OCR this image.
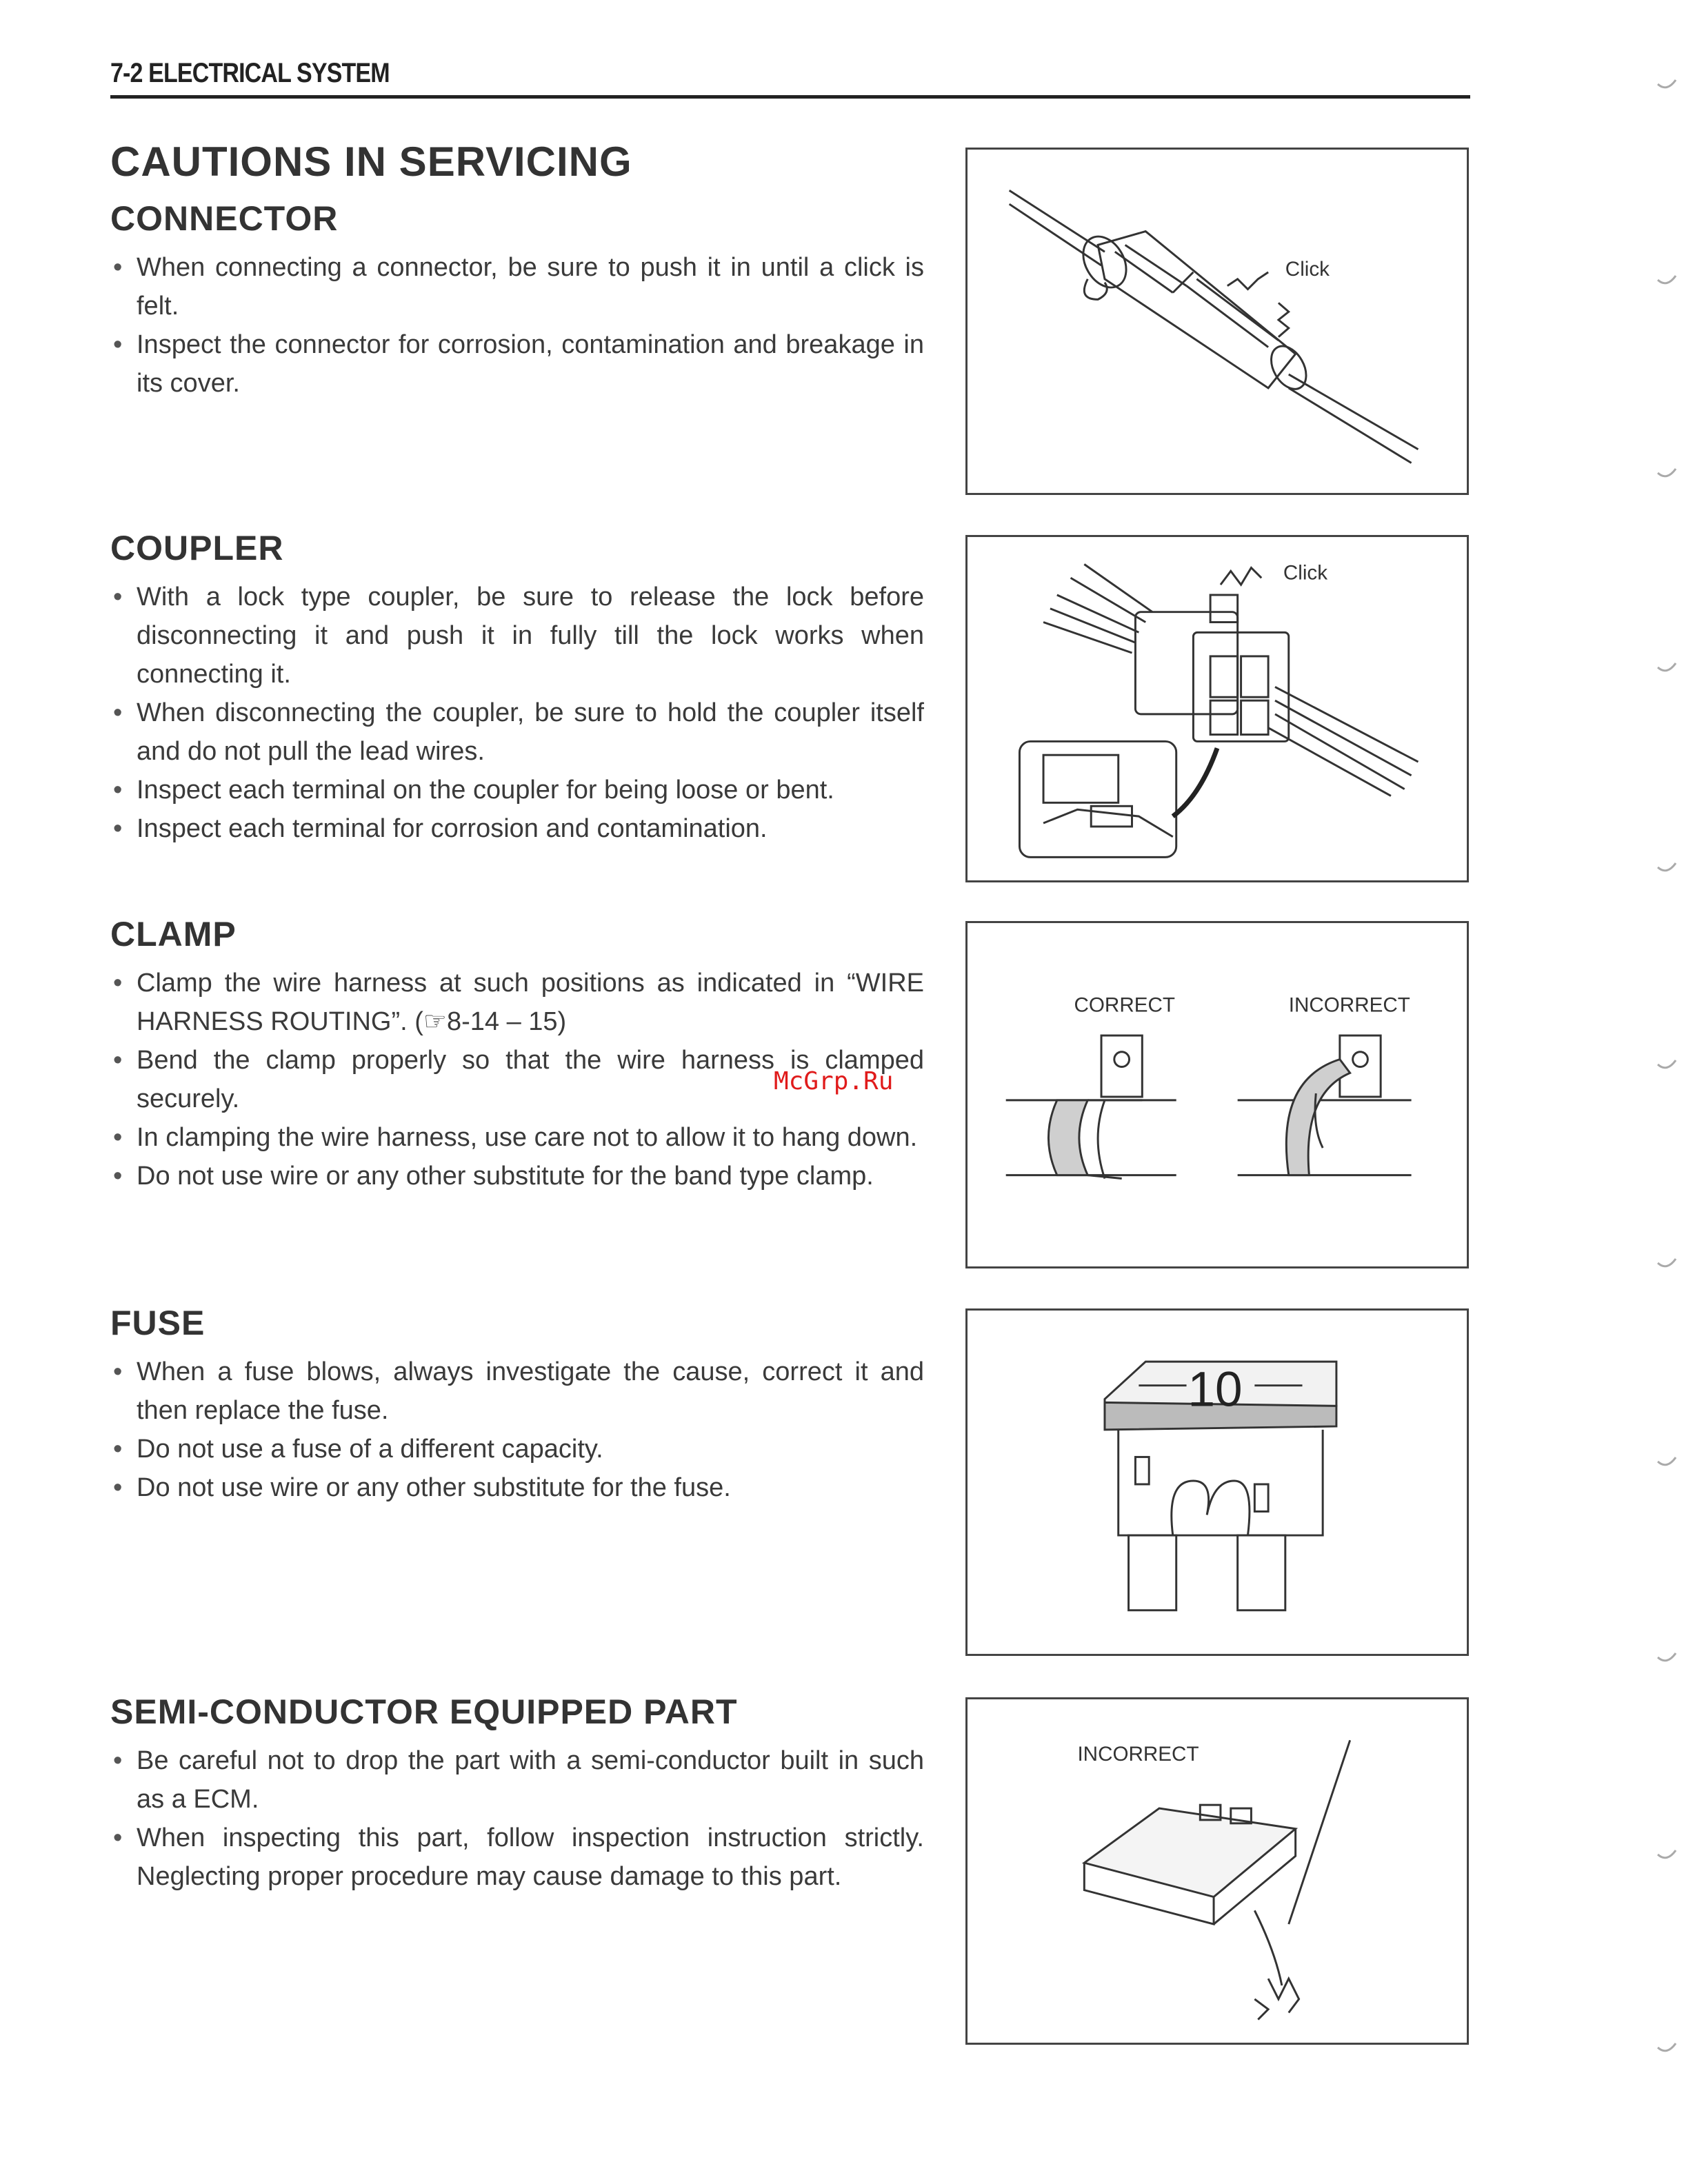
7-2 ELECTRICAL SYSTEM
CAUTIONS IN SERVICING
CONNECTOR
• When connecting a connector, be sure to push it in until a click is felt.
• Inspect the connector for corrosion, contamination and breakage in its cover.
COUPLER
• With a lock type coupler, be sure to release the lock before disconnecting it and push it in fully till the lock works when connecting it.
• When disconnecting the coupler, be sure to hold the coupler itself and do not pull the lead wires.
• Inspect each terminal on the coupler for being loose or bent.
• Inspect each terminal for corrosion and contamination.
CLAMP
• Clamp the wire harness at such positions as indicated in “WIRE HARNESS ROUTING”. (☞8-14 – 15)
• Bend the clamp properly so that the wire harness is clamped securely.
• In clamping the wire harness, use care not to allow it to hang down.
• Do not use wire or any other substitute for the band type clamp.
FUSE
• When a fuse blows, always investigate the cause, correct it and then replace the fuse.
• Do not use a fuse of a different capacity.
• Do not use wire or any other substitute for the fuse.
SEMI-CONDUCTOR EQUIPPED PART
• Be careful not to drop the part with a semi-conductor built in such as a ECM.
• When inspecting this part, follow inspection instruction strictly. Neglecting proper procedure may cause damage to this part.
McGrp.Ru
Click
Click
CORRECT	INCORRECT
10
INCORRECT
